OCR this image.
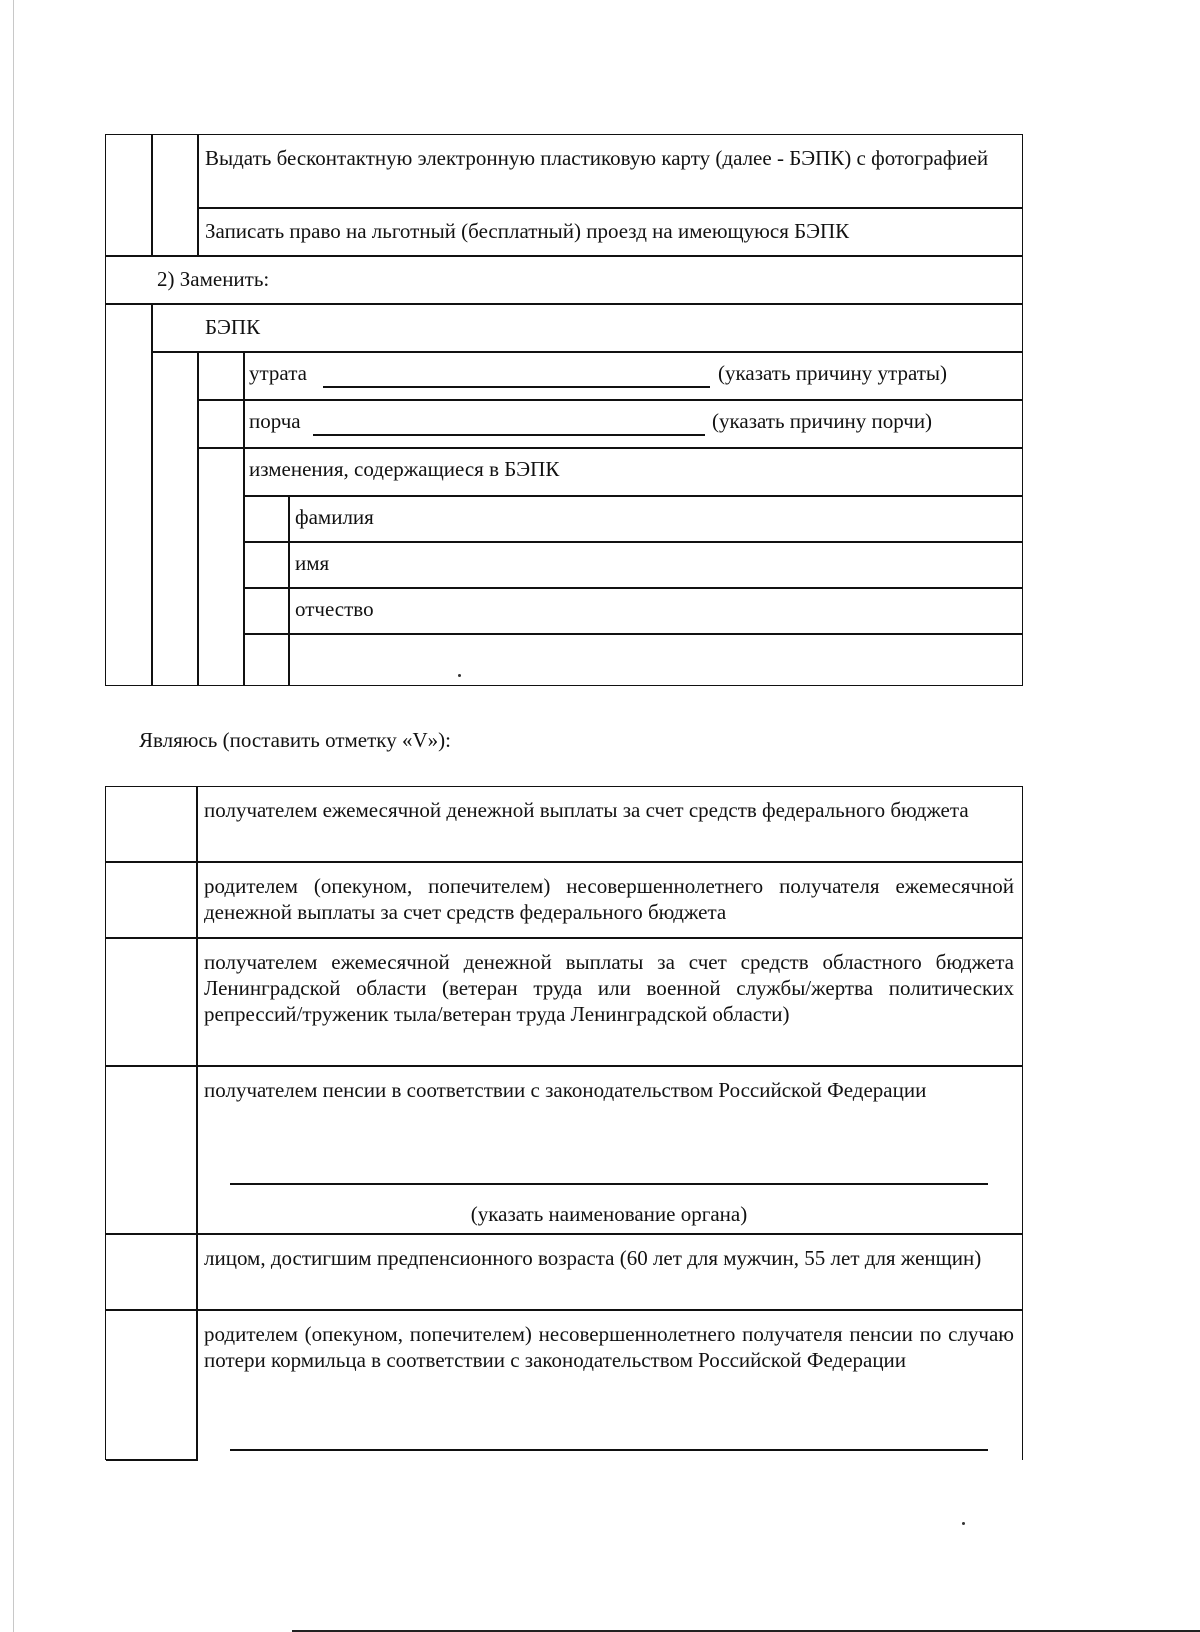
Выдать бесконтактную электронную пластиковую карту (далее - БЭПК) с фотографией
Записать право на льготный (бесплатный) проезд на имеющуюся БЭПК
2) Заменить:
БЭПК
утрата	(указать причину утраты)
порча	(указать причину порчи)
изменения, содержащиеся в БЭПК
фамилия
имя
отчество
Являюсь (поставить отметку «V»):
получателем ежемесячной денежной выплаты за счет средств федерального бюджета
родителем (опекуном, попечителем) несовершеннолетнего получателя ежемесячной денежной выплаты за счет средств федерального бюджета
получателем ежемесячной денежной выплаты за счет средств областного бюджета Ленинградской области (ветеран труда или военной службы/жертва политических репрессий/труженик тыла/ветеран труда Ленинградской области)
получателем пенсии в соответствии с законодательством Российской Федерации
(указать наименование органа)
лицом, достигшим предпенсионного возраста (60 лет для мужчин, 55 лет для женщин)
родителем (опекуном, попечителем) несовершеннолетнего получателя пенсии по случаю потери кормильца в соответствии с законодательством Российской Федерации
